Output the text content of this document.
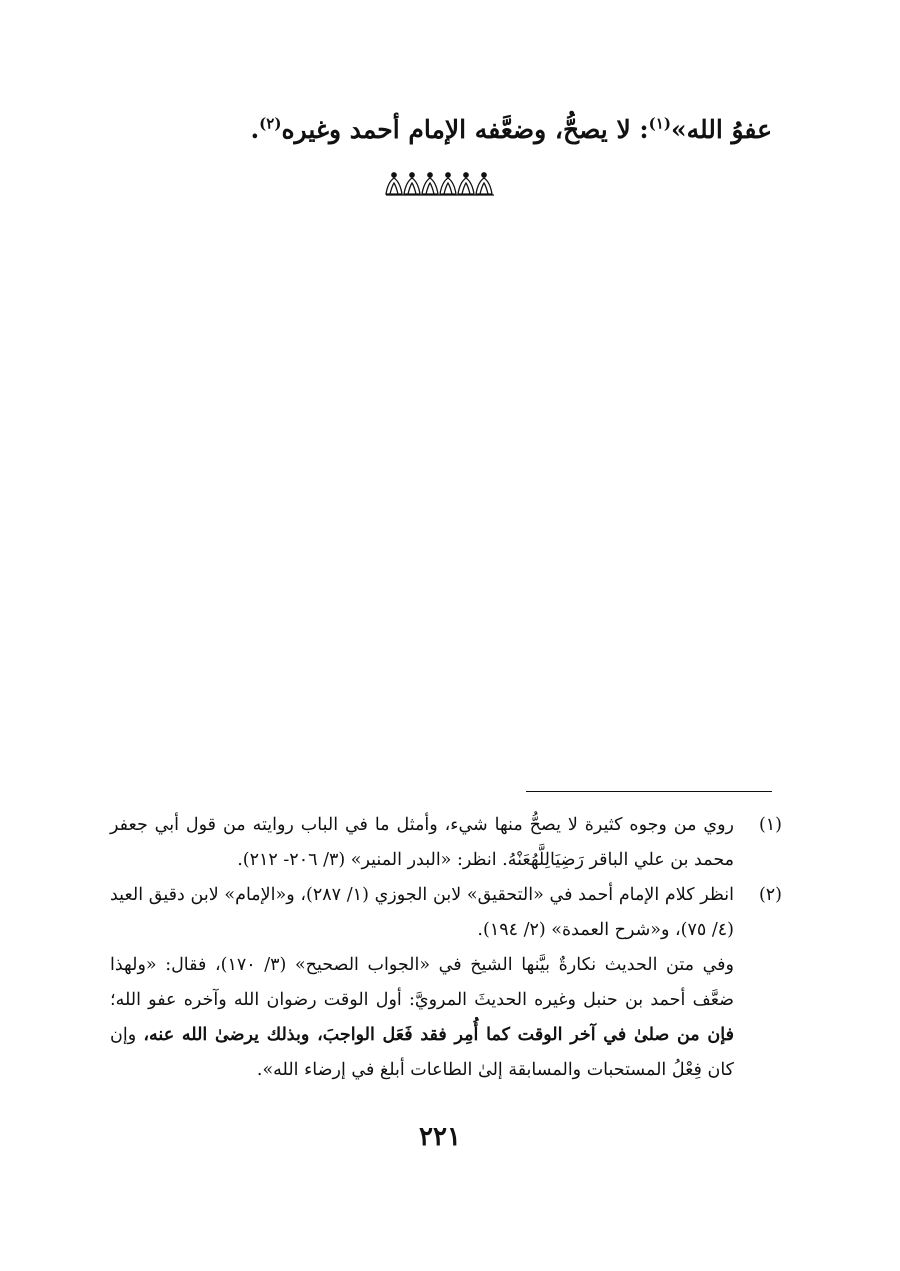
عفوُ الله»$^{(١)}$: لا يصحُّ، وضعَّفه الإمام أحمد وغيره$^{(٢)}$.

(١)
روي من وجوه كثيرة لا يصحُّ منها شيء، وأمثل ما في الباب روايته من قول أبي جعفر محمد بن علي الباقر رَضِيَالِلَّهُعَنْهُ. انظر: «البدر المنير» (٣/ ٢٠٦- ٢١٢).

(٢)
انظر كلام الإمام أحمد في «التحقيق» لابن الجوزي (١/ ٢٨٧)، و«الإمام» لابن دقيق العيد (٤/ ٧٥)، و«شرح العمدة» (٢/ ١٩٤).

وفي متن الحديث نكارةٌ بيَّنها الشيخ في «الجواب الصحيح» (٣/ ١٧٠)، فقال: «ولهذا ضعَّف أحمد بن حنبل وغيره الحديثَ المرويَّ: أول الوقت رضوان الله وآخره عفو الله؛ فإن من صلىٰ في آخر الوقت كما أُمِر فقد فَعَل الواجبَ، وبذلك يرضىٰ الله عنه، وإن كان فِعْلُ المستحبات والمسابقة إلىٰ الطاعات أبلغ في إرضاء الله».

٢٢١
